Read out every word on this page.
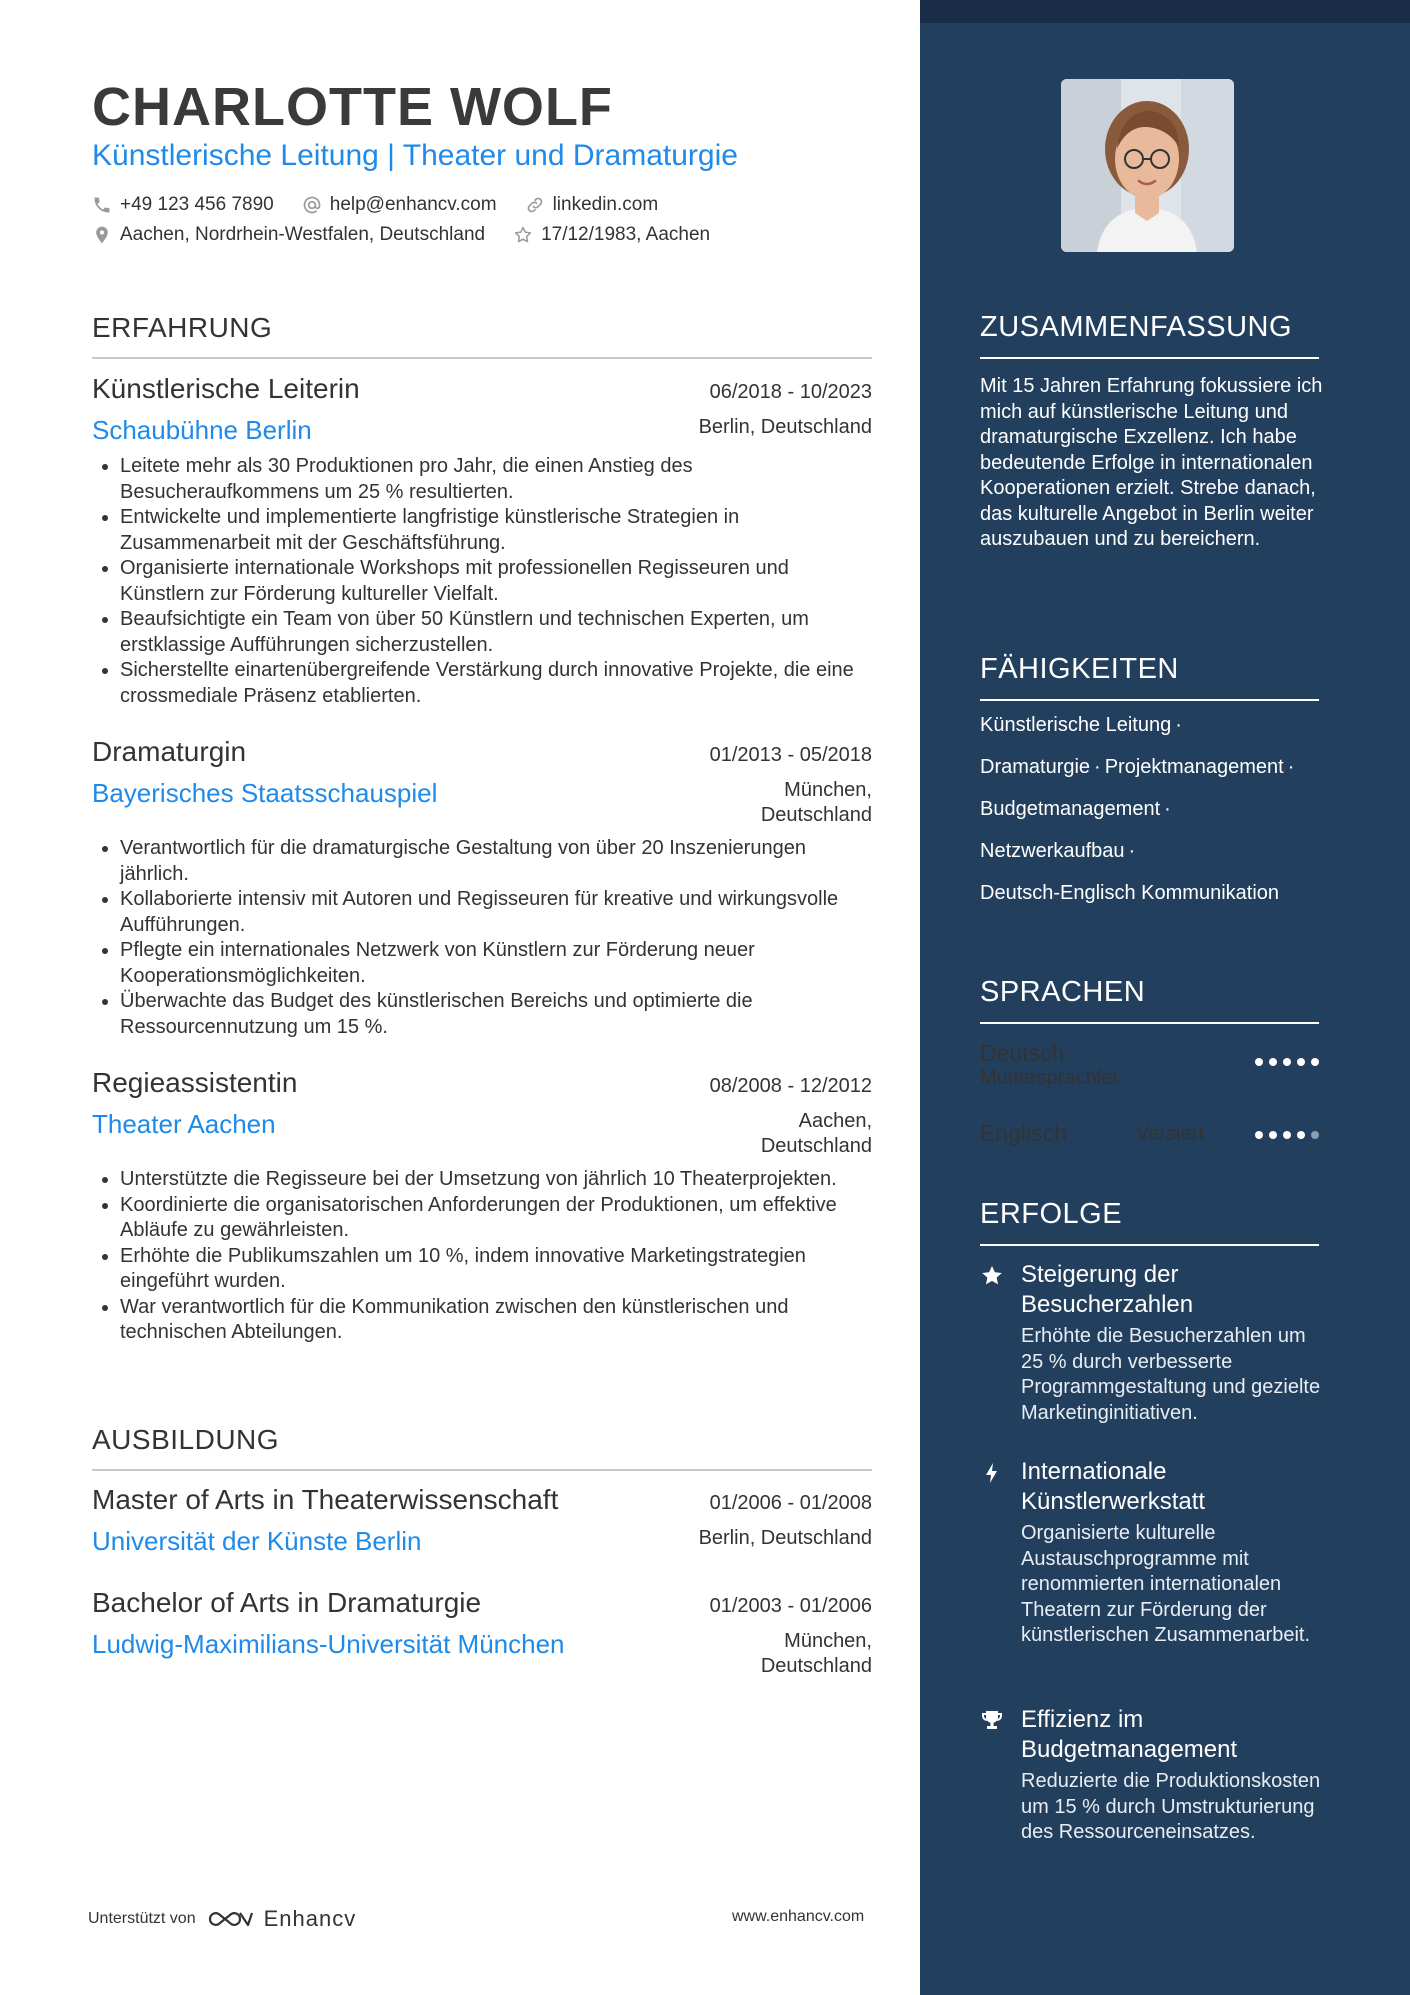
CHARLOTTE WOLF
Künstlerische Leitung | Theater und Dramaturgie
+49 123 456 7890	help@enhancv.com	linkedin.com
Aachen, Nordrhein-Westfalen, Deutschland	17/12/1983, Aachen
ERFAHRUNG
Künstlerische Leiterin	06/2018 - 10/2023
Schaubühne Berlin	Berlin, Deutschland
• Leitete mehr als 30 Produktionen pro Jahr, die einen Anstieg des Besucheraufkommens um 25 % resultierten.
• Entwickelte und implementierte langfristige künstlerische Strategien in Zusammenarbeit mit der Geschäftsführung.
• Organisierte internationale Workshops mit professionellen Regisseuren und Künstlern zur Förderung kultureller Vielfalt.
• Beaufsichtigte ein Team von über 50 Künstlern und technischen Experten, um erstklassige Aufführungen sicherzustellen.
• Sicherstellte einartenübergreifende Verstärkung durch innovative Projekte, die eine crossmediale Präsenz etablierten.
Dramaturgin	01/2013 - 05/2018
Bayerisches Staatsschauspiel	München,
Deutschland
• Verantwortlich für die dramaturgische Gestaltung von über 20 Inszenierungen jährlich.
• Kollaborierte intensiv mit Autoren und Regisseuren für kreative und wirkungsvolle Aufführungen.
• Pflegte ein internationales Netzwerk von Künstlern zur Förderung neuer Kooperationsmöglichkeiten.
• Überwachte das Budget des künstlerischen Bereichs und optimierte die Ressourcennutzung um 15 %.
Regieassistentin	08/2008 - 12/2012
Theater Aachen	Aachen,
Deutschland
• Unterstützte die Regisseure bei der Umsetzung von jährlich 10 Theaterprojekten.
• Koordinierte die organisatorischen Anforderungen der Produktionen, um effektive Abläufe zu gewährleisten.
• Erhöhte die Publikumszahlen um 10 %, indem innovative Marketingstrategien eingeführt wurden.
• War verantwortlich für die Kommunikation zwischen den künstlerischen und technischen Abteilungen.
AUSBILDUNG
Master of Arts in Theaterwissenschaft	01/2006 - 01/2008
Universität der Künste Berlin	Berlin, Deutschland
Bachelor of Arts in Dramaturgie	01/2003 - 01/2006
Ludwig-Maximilians-Universität München	München,
Deutschland
Unterstützt von	Enhancv	www.enhancv.com
ZUSAMMENFASSUNG

Mit 15 Jahren Erfahrung fokussiere ich mich auf künstlerische Leitung und dramaturgische Exzellenz. Ich habe bedeutende Erfolge in internationalen Kooperationen erzielt. Strebe danach, das kulturelle Angebot in Berlin weiter auszubauen und zu bereichern.

FÄHIGKEITEN
Künstlerische Leitung ·
Dramaturgie · Projektmanagement ·
Budgetmanagement ·
Netzwerkaufbau ·
Deutsch-Englisch Kommunikation
SPRACHEN
Deutsch
Muttersprachler
Englisch	Versiert
ERFOLGE
Steigerung der Besucherzahlen
Erhöhte die Besucherzahlen um 25 % durch verbesserte Programmgestaltung und gezielte Marketinginitiativen.
Internationale Künstlerwerkstatt
Organisierte kulturelle Austauschprogramme mit renommierten internationalen Theatern zur Förderung der künstlerischen Zusammenarbeit.
Effizienz im Budgetmanagement
Reduzierte die Produktionskosten um 15 % durch Umstrukturierung des Ressourceneinsatzes.
